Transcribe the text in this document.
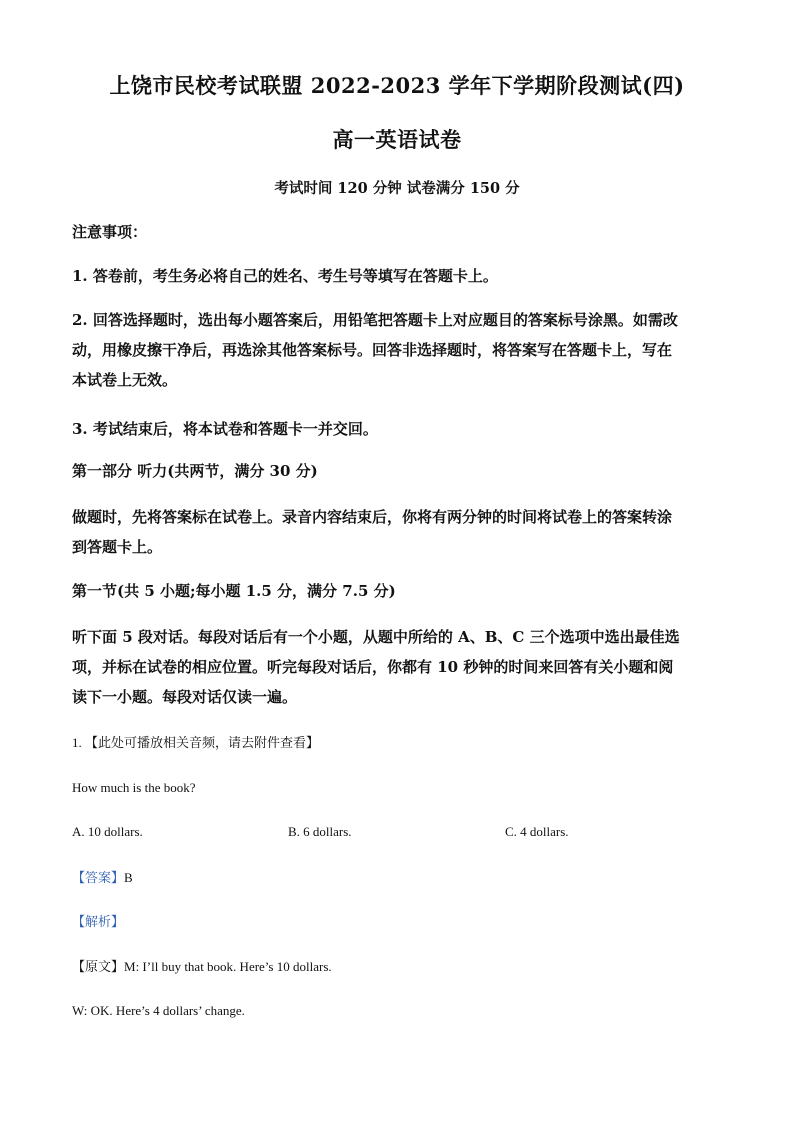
上饶市民校考试联盟 2022-2023 学年下学期阶段测试(四)
高一英语试卷
考试时间 120 分钟 试卷满分 150 分
注意事项：
1. 答卷前，考生务必将自己的姓名、考生号等填写在答题卡上。
2. 回答选择题时，选出每小题答案后，用铅笔把答题卡上对应题目的答案标号涂黑。如需改
动，用橡皮擦干净后，再选涂其他答案标号。回答非选择题时，将答案写在答题卡上，写在
本试卷上无效。
3. 考试结束后，将本试卷和答题卡一并交回。
第一部分 听力(共两节，满分 30 分)
做题时，先将答案标在试卷上。录音内容结束后，你将有两分钟的时间将试卷上的答案转涂
到答题卡上。
第一节(共 5 小题;每小题 1.5 分，满分 7.5 分)
听下面 5 段对话。每段对话后有一个小题，从题中所给的 A、B、C 三个选项中选出最佳选
项，并标在试卷的相应位置。听完每段对话后，你都有 10 秒钟的时间来回答有关小题和阅
读下一小题。每段对话仅读一遍。
1. 【此处可播放相关音频，请去附件查看】
How much is the book?
A. 10 dollars.	B. 6 dollars.	C. 4 dollars.
【答案】B
【解析】
【原文】M: I’ll buy that book. Here’s 10 dollars.
W: OK. Here’s 4 dollars’ change.
